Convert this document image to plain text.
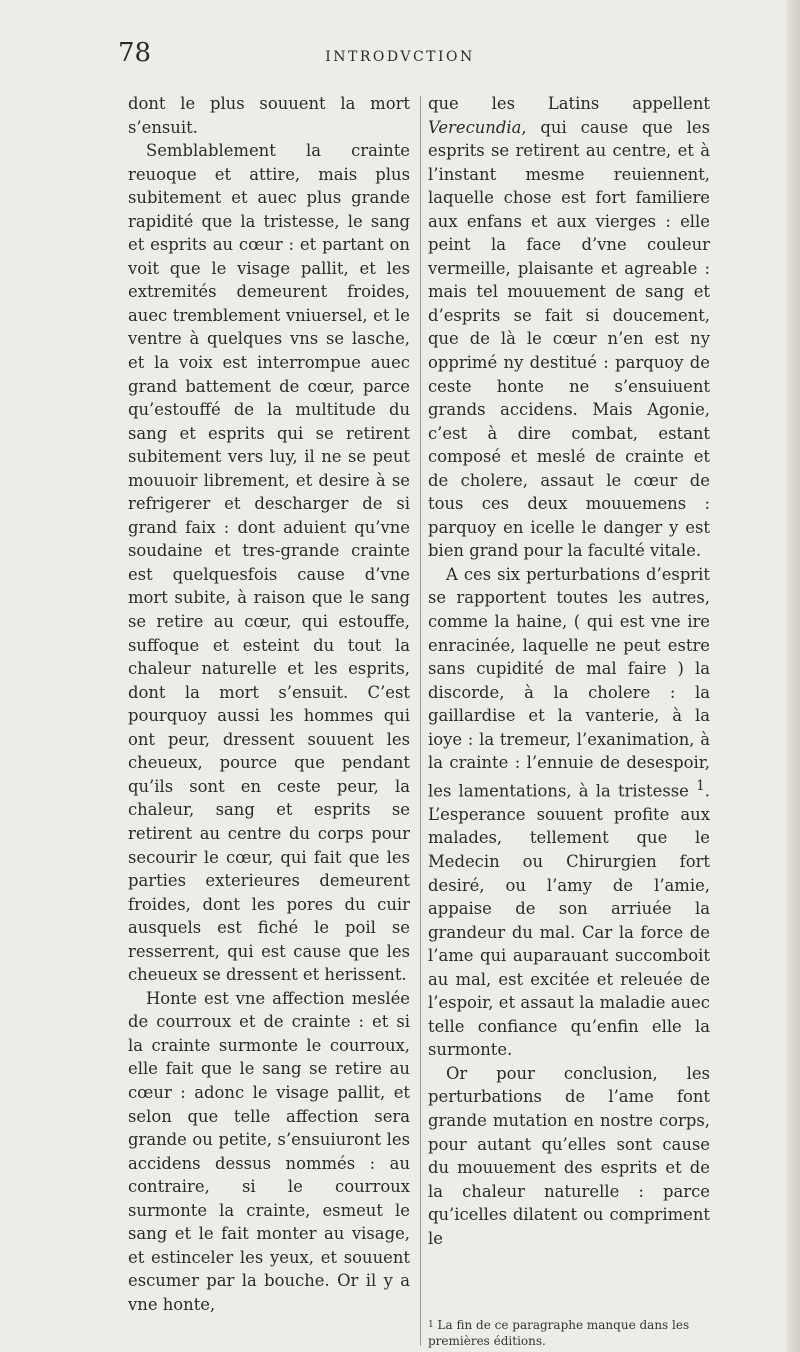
78	INTRODVCTION

dont le plus souuent la mort s’ensuit.

Semblablement la crainte reuoque et attire, mais plus subitement et auec plus grande rapidité que la tristesse, le sang et esprits au cœur : et partant on voit que le visage pallit, et les extremités demeurent froides, auec tremblement vniuersel, et le ventre à quelques vns se lasche, et la voix est interrompue auec grand battement de cœur, parce qu’estouffé de la multitude du sang et esprits qui se retirent subitement vers luy, il ne se peut mouuoir librement, et desire à se refrigerer et descharger de si grand faix : dont aduient qu’vne soudaine et tres-grande crainte est quelquesfois cause d’vne mort subite, à raison que le sang se retire au cœur, qui estouffe, suffoque et esteint du tout la chaleur naturelle et les esprits, dont la mort s’ensuit. C’est pourquoy aussi les hommes qui ont peur, dressent souuent les cheueux, pource que pendant qu’ils sont en ceste peur, la chaleur, sang et esprits se retirent au centre du corps pour secourir le cœur, qui fait que les parties exterieures demeurent froides, dont les pores du cuir ausquels est fiché le poil se resserrent, qui est cause que les cheueux se dressent et herissent.

Honte est vne affection meslée de courroux et de crainte : et si la crainte surmonte le courroux, elle fait que le sang se retire au cœur : adonc le visage pallit, et selon que telle affection sera grande ou petite, s’ensuiuront les accidens dessus nommés : au contraire, si le courroux surmonte la crainte, esmeut le sang et le fait monter au visage, et estinceler les yeux, et souuent escumer par la bouche. Or il y a vne honte,

que les Latins appellent Verecundia, qui cause que les esprits se retirent au centre, et à l’instant mesme reuiennent, laquelle chose est fort familiere aux enfans et aux vierges : elle peint la face d’vne couleur vermeille, plaisante et agreable : mais tel mouuement de sang et d’esprits se fait si doucement, que de là le cœur n’en est ny opprimé ny destitué : parquoy de ceste honte ne s’ensuiuent grands accidens. Mais Agonie, c’est à dire combat, estant composé et meslé de crainte et de cholere, assaut le cœur de tous ces deux mouuemens : parquoy en icelle le danger y est bien grand pour la faculté vitale.

A ces six perturbations d’esprit se rapportent toutes les autres, comme la haine, ( qui est vne ire enracinée, laquelle ne peut estre sans cupidité de mal faire ) la discorde, à la cholere : la gaillardise et la vanterie, à la ioye : la tremeur, l’exanimation, à la crainte : l’ennuie de desespoir, les lamentations, à la tristesse $^1$. L’esperance souuent profite aux malades, tellement que le Medecin ou Chirurgien fort desiré, ou l’amy de l’amie, appaise de son arriuée la grandeur du mal. Car la force de l’ame qui auparauant succomboit au mal, est excitée et releuée de l’espoir, et assaut la maladie auec telle confiance qu’enfin elle la surmonte.

Or pour conclusion, les perturbations de l’ame font grande mutation en nostre corps, pour autant qu’elles sont cause du mouuement des esprits et de la chaleur naturelle : parce qu’icelles dilatent ou compriment le

$^1$ La fin de ce paragraphe manque dans les premières éditions.
